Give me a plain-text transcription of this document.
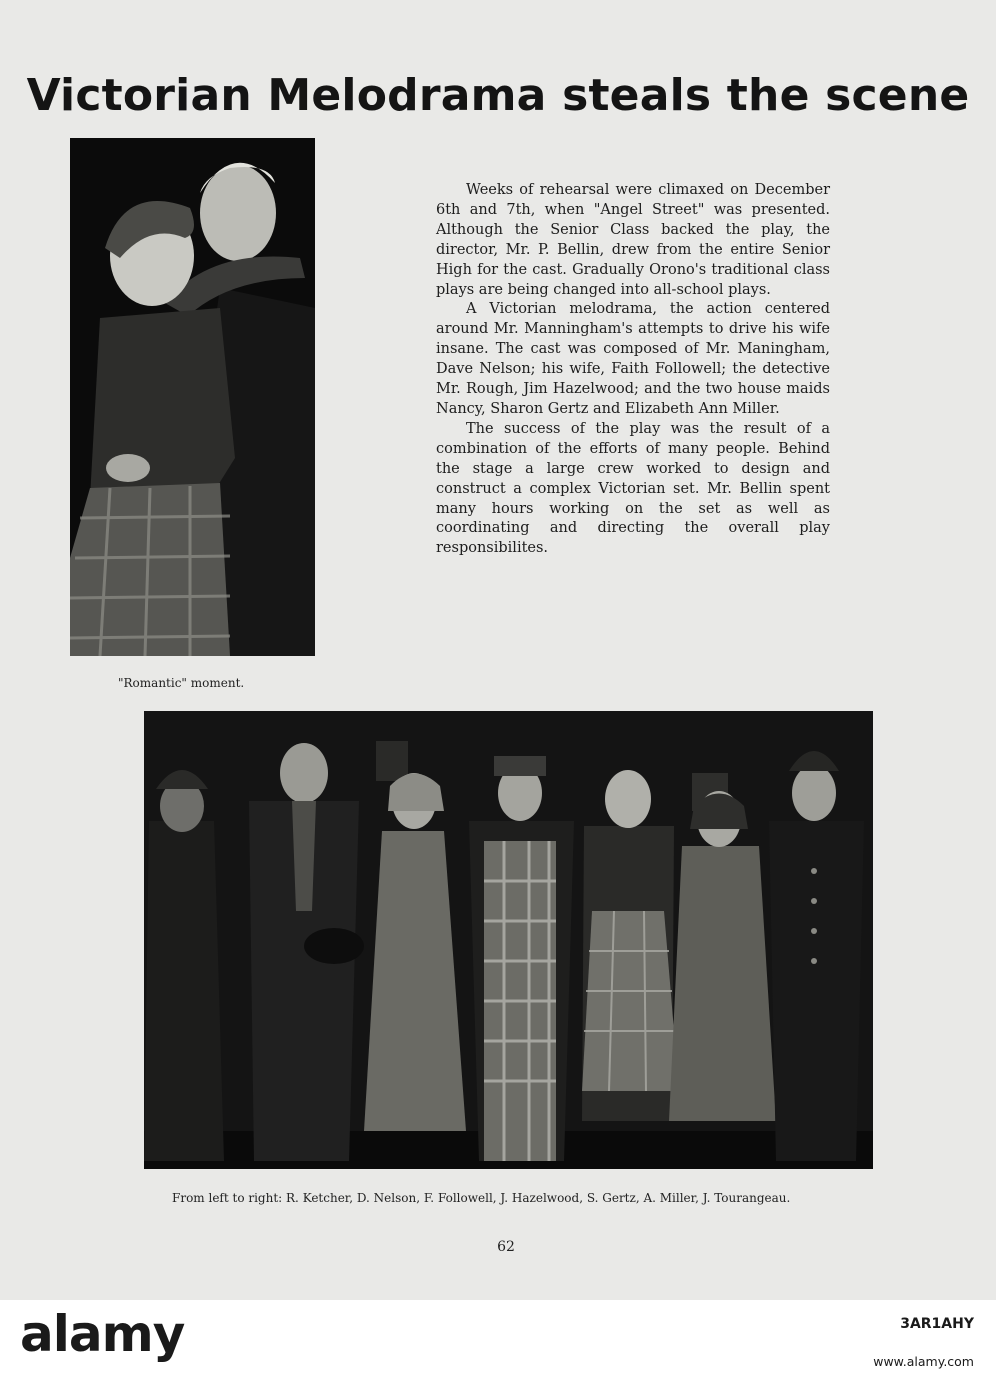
Victorian Melodrama steals the scene
"Romantic" moment.

Weeks of rehearsal were climaxed on December 6th and 7th, when "Angel Street" was presented. Although the Senior Class backed the play, the director, Mr. P. Bellin, drew from the entire Senior High for the cast. Gradually Orono's traditional class plays are being changed into all-school plays.

A Victorian melodrama, the action centered around Mr. Manningham's attempts to drive his wife insane. The cast was composed of Mr. Maningham, Dave Nelson; his wife, Faith Followell; the detective Mr. Rough, Jim Hazelwood; and the two house maids Nancy, Sharon Gertz and Elizabeth Ann Miller.

The success of the play was the result of a combination of the efforts of many people. Behind the stage a large crew worked to design and construct a complex Victorian set. Mr. Bellin spent many hours working on the set as well as coordinating and directing the overall play responsibilites.

From left to right: R. Ketcher, D. Nelson, F. Followell, J. Hazelwood, S. Gertz, A. Miller, J. Tourangeau.
62
alamy	3AR1AHY
www.alamy.com
